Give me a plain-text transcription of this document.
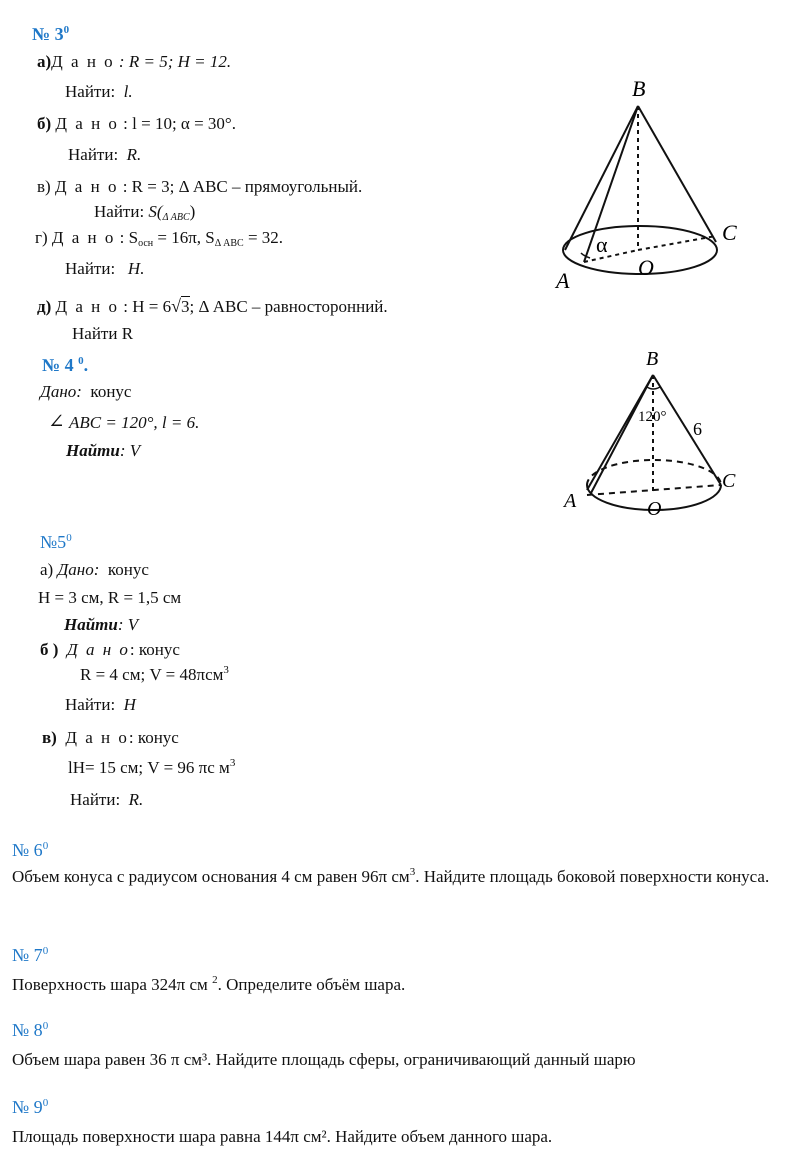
№ $3^0$
а)Д а н о : R = 5; H = 12.
Найти: l.
б) Д а н о : l = 10; α = 30°.
Найти: R.
в) Д а н о : R = 3; Δ ABC – прямоугольный.
Найти: $S(_{\Delta ABC})$
г) Д а н о : $S_{осн} = 16\pi$, $S_{\Delta ABC} = 32$.
Найти: H.
д) Д а н о : H = 6√3; Δ ABC – равносторонний.
Найти R
B
C
A
O
α
№ 4 $^0$.
Дано: конус
∠ ABC = 120°, l = 6.
Найти: V
B
C
A	O
120°
6
$№5^0$
а) Дано: конус
H = 3 см, R = 1,5 см
Найти: V
б ) Д а н о: конус
R = 4 см; V = 48πсм$^3$
Найти: H
в) Д а н о: конус
lH= 15 см; V = 96 πс $м^3$
Найти: R.
№ $6^0$
Объем конуса с радиусом основания 4 см равен 96π $см^3$. Найдите площадь боковой поверхности конуса.
№ $7^0$
Поверхность шара 324π см $^2$. Определите объём шара.
№ $8^0$
Объем шара равен 36 π см³. Найдите площадь сферы, ограничивающий данный шарю
№ $9^0$
Площадь поверхности шара равна 144π см². Найдите объем данного шара.
